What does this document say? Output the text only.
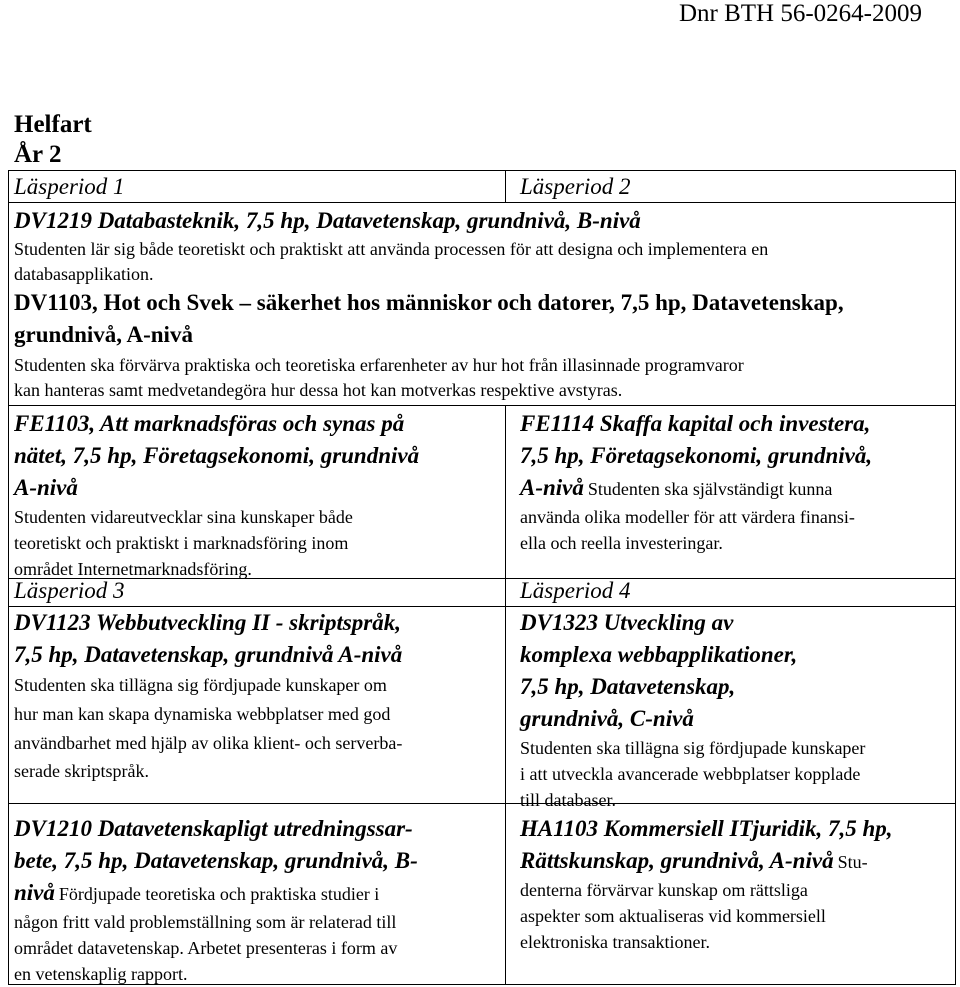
Dnr BTH 56-0264-2009
Helfart
År 2
Läsperiod 1	Läsperiod 2

DV1219 Databasteknik, 7,5 hp, Datavetenskap, grundnivå, B-nivå

Studenten lär sig både teoretiskt och praktiskt att använda processen för att designa och implementera en

databasapplikation.

DV1103, Hot och Svek – säkerhet hos människor och datorer, 7,5 hp, Datavetenskap,

grundnivå, A-nivå

Studenten ska förvärva praktiska och teoretiska erfarenheter av hur hot från illasinnade programvaror

kan hanteras samt medvetandegöra hur dessa hot kan motverkas respektive avstyras.

FE1103, Att marknadsföras och synas på

nätet, 7,5 hp, Företagsekonomi, grundnivå

A-nivå

Studenten vidareutvecklar sina kunskaper både

teoretiskt och praktiskt i marknadsföring inom

området Internetmarknadsföring.

FE1114 Skaffa kapital och investera,

7,5 hp, Företagsekonomi, grundnivå,

A-nivå Studenten ska självständigt kunna

använda olika modeller för att värdera finansi-

ella och reella investeringar.

Läsperiod 3	Läsperiod 4

DV1123 Webbutveckling II - skriptspråk,

7,5 hp, Datavetenskap, grundnivå A-nivå

Studenten ska tillägna sig fördjupade kunskaper om

hur man kan skapa dynamiska webbplatser med god

användbarhet med hjälp av olika klient- och serverba-

serade skriptspråk.

DV1323 Utveckling av

komplexa webbapplikationer,

7,5 hp, Datavetenskap,

grundnivå, C-nivå

Studenten ska tillägna sig fördjupade kunskaper

i att utveckla avancerade webbplatser kopplade

till databaser.

DV1210 Datavetenskapligt utredningssar-

bete, 7,5 hp, Datavetenskap, grundnivå, B-

nivå Fördjupade teoretiska och praktiska studier i

någon fritt vald problemställning som är relaterad till

området datavetenskap. Arbetet presenteras i form av

en vetenskaplig rapport.

HA1103 Kommersiell ITjuridik, 7,5 hp,

Rättskunskap, grundnivå, A-nivå Stu-

denterna förvärvar kunskap om rättsliga

aspekter som aktualiseras vid kommersiell

elektroniska transaktioner.
